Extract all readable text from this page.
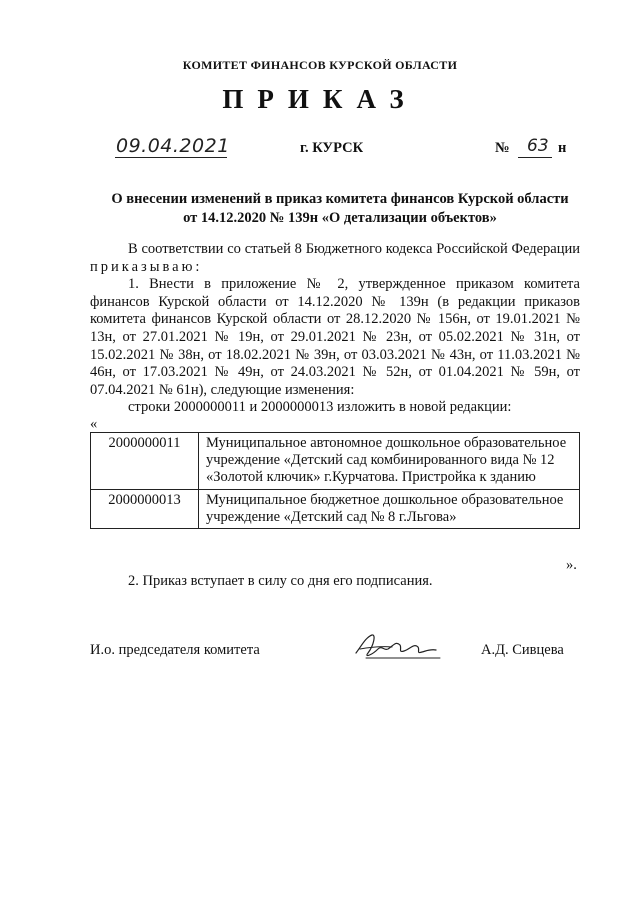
КОМИТЕТ ФИНАНСОВ КУРСКОЙ ОБЛАСТИ
ПРИКАЗ
09.04.2021	г. КУРСК	№ 63 н
О внесении изменений в приказ комитета финансов Курской области
от 14.12.2020 № 139н «О детализации объектов»

В соответствии со статьей 8 Бюджетного кодекса Российской Федерации приказываю:

1. Внести в приложение № 2, утвержденное приказом комитета финансов Курской области от 14.12.2020 № 139н (в редакции приказов комитета финансов Курской области от 28.12.2020 № 156н, от 19.01.2021 № 13н, от 27.01.2021 № 19н, от 29.01.2021 № 23н, от 05.02.2021 № 31н, от 15.02.2021 № 38н, от 18.02.2021 № 39н, от 03.03.2021 № 43н, от 11.03.2021 № 46н, от 17.03.2021 № 49н, от 24.03.2021 № 52н, от 01.04.2021 № 59н, от 07.04.2021 № 61н), следующие изменения:

строки 2000000011 и 2000000013 изложить в новой редакции:

«
2000000011	Муниципальное автономное дошкольное образовательное учреждение «Детский сад комбинированного вида № 12 «Золотой ключик» г.Курчатова. Пристройка к зданию
2000000013	Муниципальное бюджетное дошкольное образовательное учреждение «Детский сад № 8 г.Льгова»
».
2. Приказ вступает в силу со дня его подписания.
И.о. председателя комитета	А.Д. Сивцева
